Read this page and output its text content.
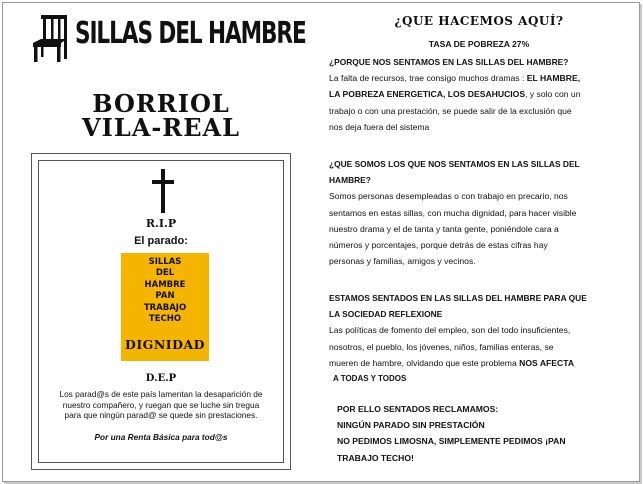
SILLAS DEL HAMBRE
BORRIOL
VILA-REAL
R.I.P
El parado:
SILLAS
DEL
HAMBRE
PAN
TRABAJO
TECHO
DIGNIDAD
D.E.P
Los parad@s de este país lamentan la desaparición de
nuestro compañero, y ruegan que se luche sin tregua
para que ningún parad@ se quede sin prestaciones.
Por una Renta Básica para tod@s
¿QUE HACEMOS AQUÍ?
TASA DE POBREZA 27%
¿PORQUE NOS SENTAMOS EN LAS SILLAS DEL HAMBRE?
La falta de recursos, trae consigo muchos dramas : EL HAMBRE,
LA POBREZA ENERGETICA, LOS DESAHUCIOS, y solo con un
trabajo o con una prestación, se puede salir de la exclusión que
nos deja fuera del sistema
¿QUE SOMOS LOS QUE NOS SENTAMOS EN LAS SILLAS DEL
HAMBRE?
Somos personas desempleadas o con trabajo en precario, nos
sentamos en estas sillas, con mucha dignidad, para hacer visible
nuestro drama y el de tanta y tanta gente, poniéndole cara a
números y porcentajes, porque detrás de estas cifras hay
personas y familias, amigos y vecinos.
ESTAMOS SENTADOS EN LAS SILLAS DEL HAMBRE PARA QUE
LA SOCIEDAD REFLEXIONE
Las políticas de fomento del empleo, son del todo insuficientes,
nosotros, el pueblo, los jóvenes, niños, familias enteras, se
mueren de hambre, olvidando que este problema NOS AFECTA
A TODAS Y TODOS
POR ELLO SENTADOS RECLAMAMOS:
NINGÚN PARADO SIN PRESTACIÓN
NO PEDIMOS LIMOSNA, SIMPLEMENTE PEDIMOS ¡PAN
TRABAJO TECHO!
